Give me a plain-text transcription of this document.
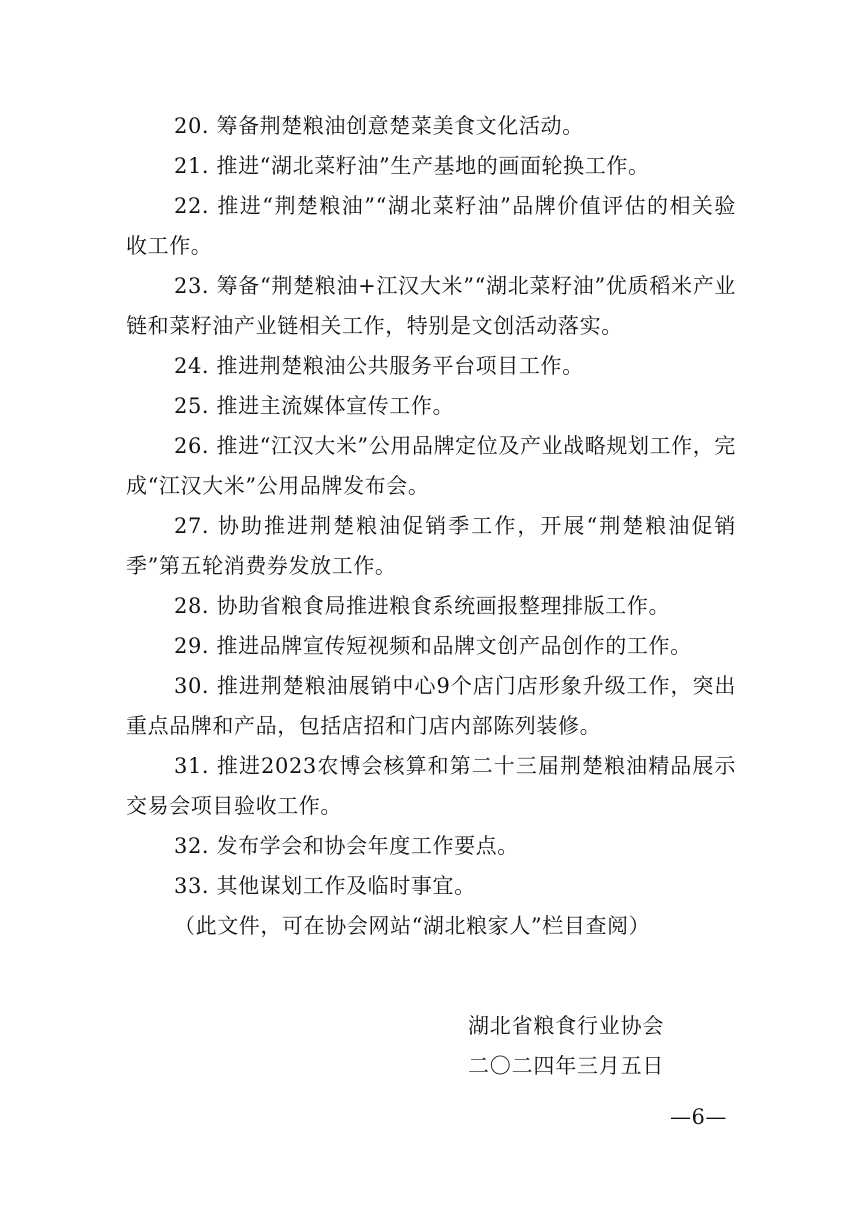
20. 筹备荆楚粮油创意楚菜美食文化活动。

21. 推进“湖北菜籽油”生产基地的画面轮换工作。

22. 推进“荆楚粮油”“湖北菜籽油”品牌价值评估的相关验收工作。

23. 筹备“荆楚粮油+江汉大米”“湖北菜籽油”优质稻米产业链和菜籽油产业链相关工作，特别是文创活动落实。

24. 推进荆楚粮油公共服务平台项目工作。

25. 推进主流媒体宣传工作。

26. 推进“江汉大米”公用品牌定位及产业战略规划工作，完成“江汉大米”公用品牌发布会。

27. 协助推进荆楚粮油促销季工作，开展“荆楚粮油促销季”第五轮消费券发放工作。

28. 协助省粮食局推进粮食系统画报整理排版工作。

29. 推进品牌宣传短视频和品牌文创产品创作的工作。

30. 推进荆楚粮油展销中心9个店门店形象升级工作，突出重点品牌和产品，包括店招和门店内部陈列装修。

31. 推进2023农博会核算和第二十三届荆楚粮油精品展示交易会项目验收工作。

32. 发布学会和协会年度工作要点。

33. 其他谋划工作及临时事宜。

（此文件，可在协会网站“湖北粮家人”栏目查阅）

湖北省粮食行业协会

二〇二四年三月五日

—6—
